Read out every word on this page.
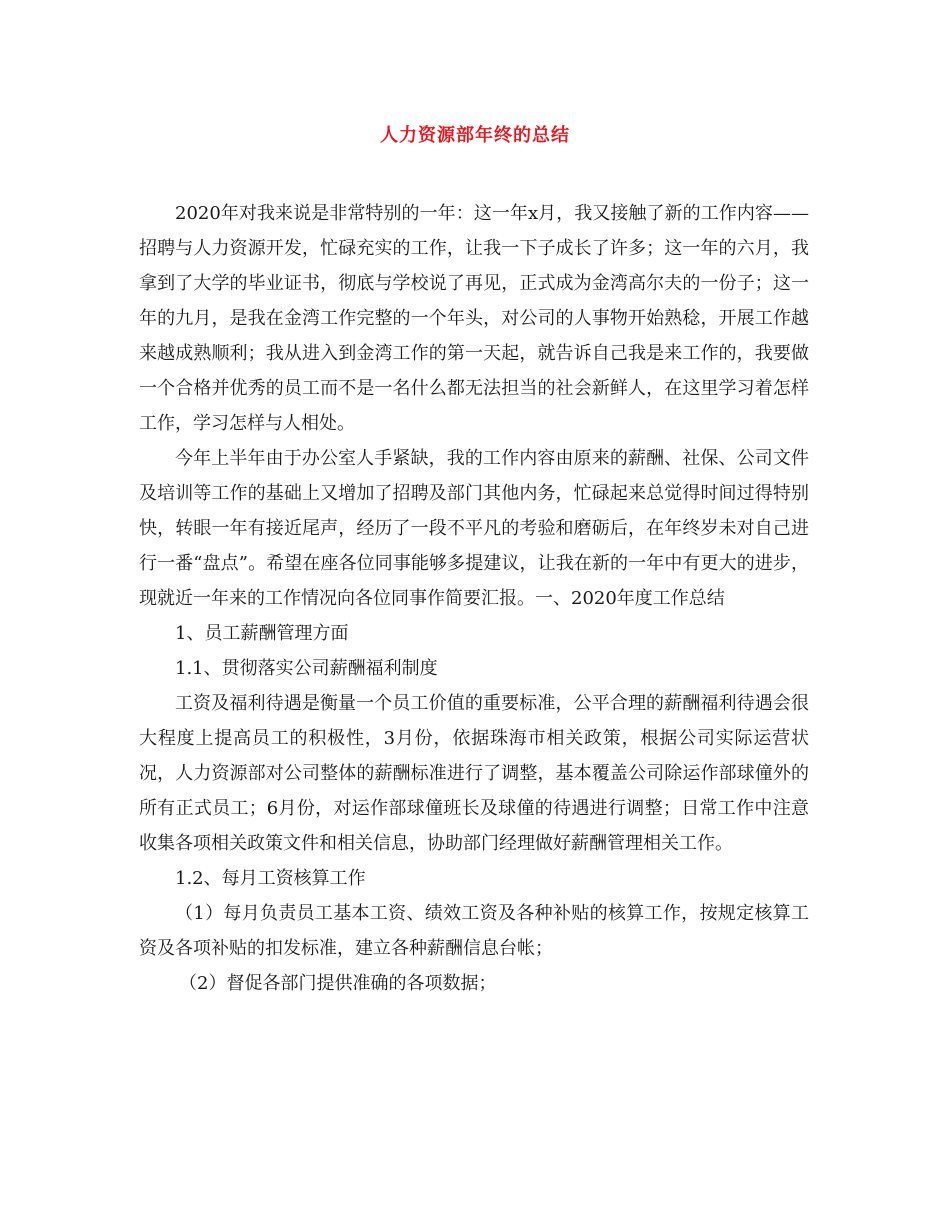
人力资源部年终的总结

2020年对我来说是非常特别的一年：这一年x月，我又接触了新的工作内容——招聘与人力资源开发，忙碌充实的工作，让我一下子成长了许多；这一年的六月，我拿到了大学的毕业证书，彻底与学校说了再见，正式成为金湾高尔夫的一份子；这一年的九月，是我在金湾工作完整的一个年头，对公司的人事物开始熟稔，开展工作越来越成熟顺利；我从进入到金湾工作的第一天起，就告诉自己我是来工作的，我要做一个合格并优秀的员工而不是一名什么都无法担当的社会新鲜人，在这里学习着怎样工作，学习怎样与人相处。

今年上半年由于办公室人手紧缺，我的工作内容由原来的薪酬、社保、公司文件及培训等工作的基础上又增加了招聘及部门其他内务，忙碌起来总觉得时间过得特别快，转眼一年有接近尾声，经历了一段不平凡的考验和磨砺后，在年终岁未对自己进行一番“盘点”。希望在座各位同事能够多提建议，让我在新的一年中有更大的进步，现就近一年来的工作情况向各位同事作简要汇报。一、2020年度工作总结

1、员工薪酬管理方面

1.1、贯彻落实公司薪酬福利制度

工资及福利待遇是衡量一个员工价值的重要标准，公平合理的薪酬福利待遇会很大程度上提高员工的积极性，3月份，依据珠海市相关政策，根据公司实际运营状况，人力资源部对公司整体的薪酬标准进行了调整，基本覆盖公司除运作部球僮外的所有正式员工；6月份，对运作部球僮班长及球僮的待遇进行调整；日常工作中注意收集各项相关政策文件和相关信息，协助部门经理做好薪酬管理相关工作。

1.2、每月工资核算工作

（1）每月负责员工基本工资、绩效工资及各种补贴的核算工作，按规定核算工资及各项补贴的扣发标准，建立各种薪酬信息台帐；

（2）督促各部门提供准确的各项数据；
